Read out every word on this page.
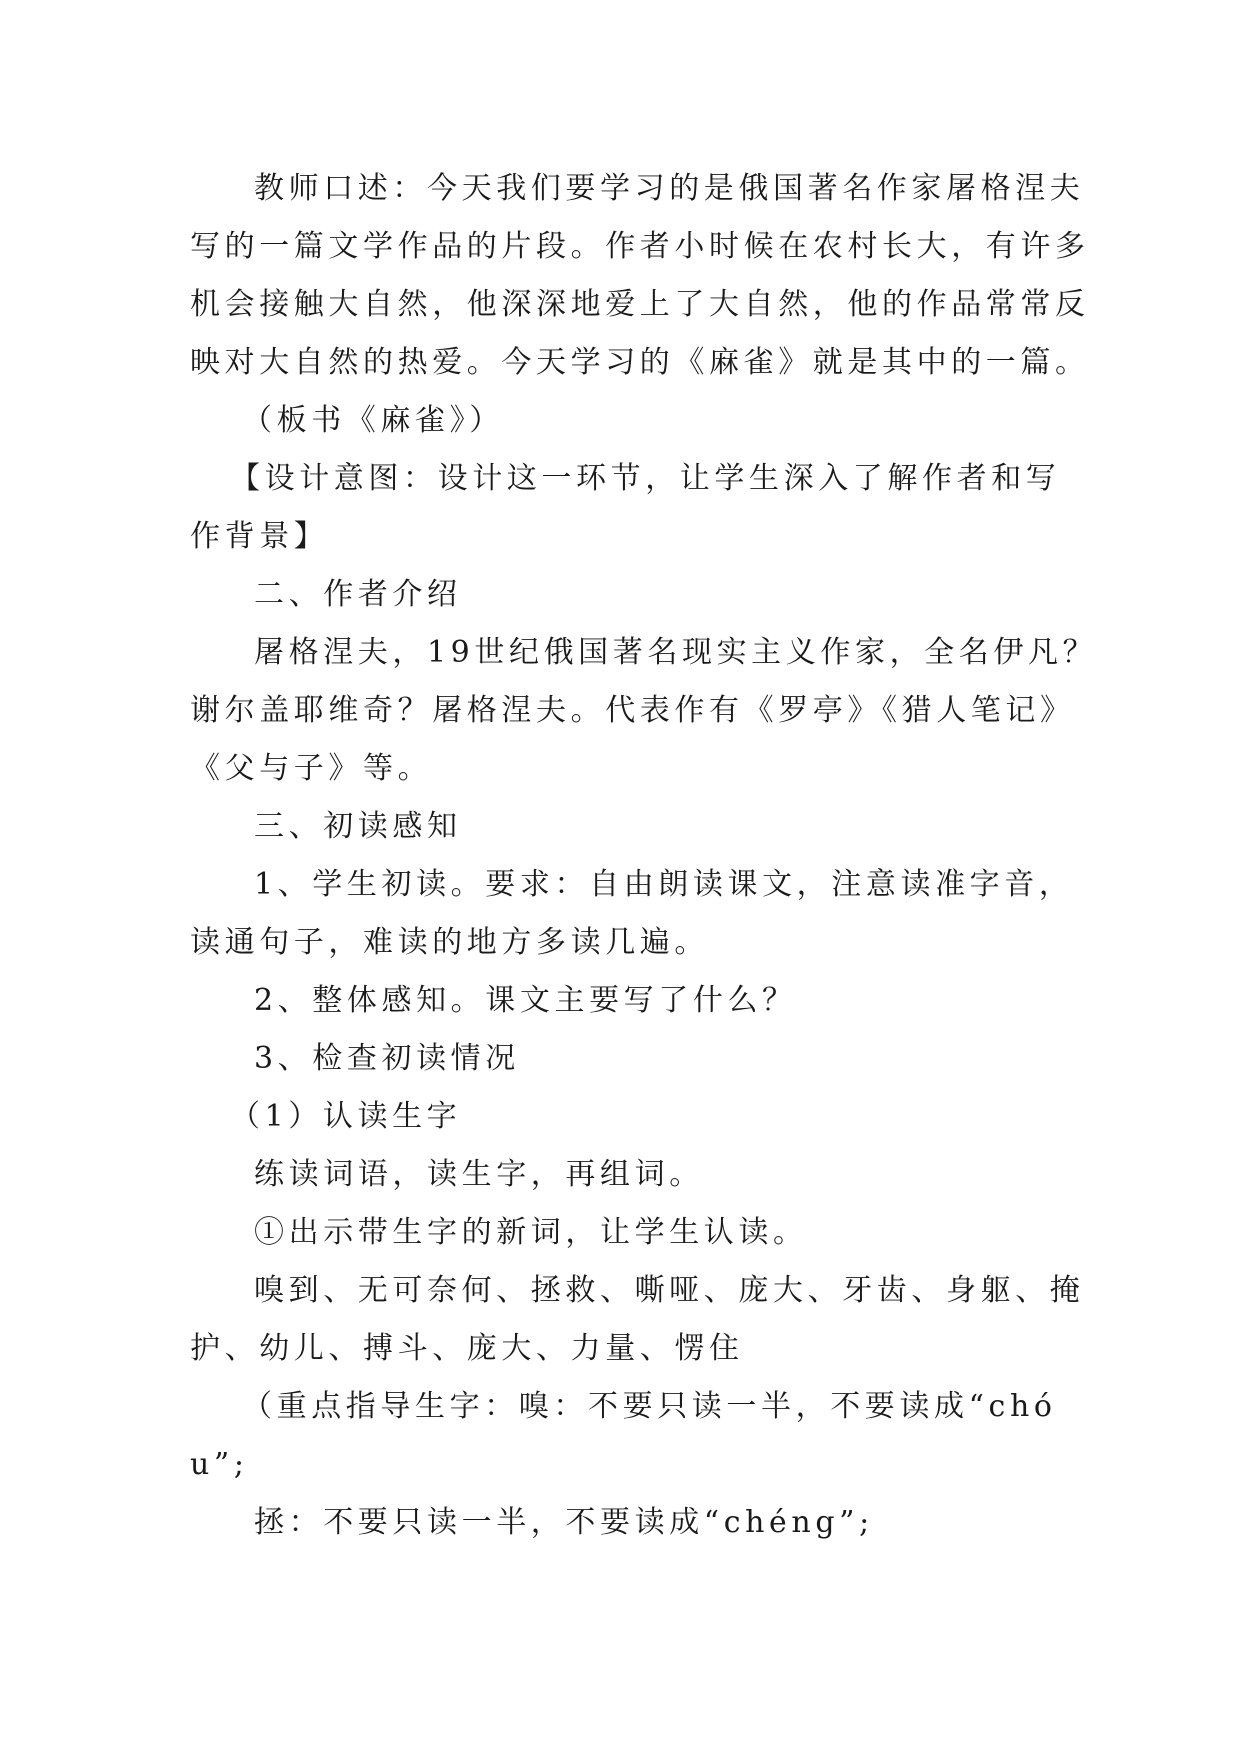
教师口述：今天我们要学习的是俄国著名作家屠格涅夫
写的一篇文学作品的片段。作者小时候在农村长大，有许多
机会接触大自然，他深深地爱上了大自然，他的作品常常反
映对大自然的热爱。今天学习的《麻雀》就是其中的一篇。
（板书《麻雀》）
【设计意图：设计这一环节，让学生深入了解作者和写
作背景】
二、作者介绍
屠格涅夫，19世纪俄国著名现实主义作家，全名伊凡？
谢尔盖耶维奇？屠格涅夫。代表作有《罗亭》《猎人笔记》
《父与子》等。
三、初读感知
1、学生初读。要求：自由朗读课文，注意读准字音，
读通句子，难读的地方多读几遍。
2、整体感知。课文主要写了什么？
3、检查初读情况
（1）认读生字
练读词语，读生字，再组词。
①出示带生字的新词，让学生认读。
嗅到、无可奈何、拯救、嘶哑、庞大、牙齿、身躯、掩
护、幼儿、搏斗、庞大、力量、愣住
（重点指导生字：嗅：不要只读一半，不要读成“chó
u”;
拯：不要只读一半，不要读成“chéng”;
